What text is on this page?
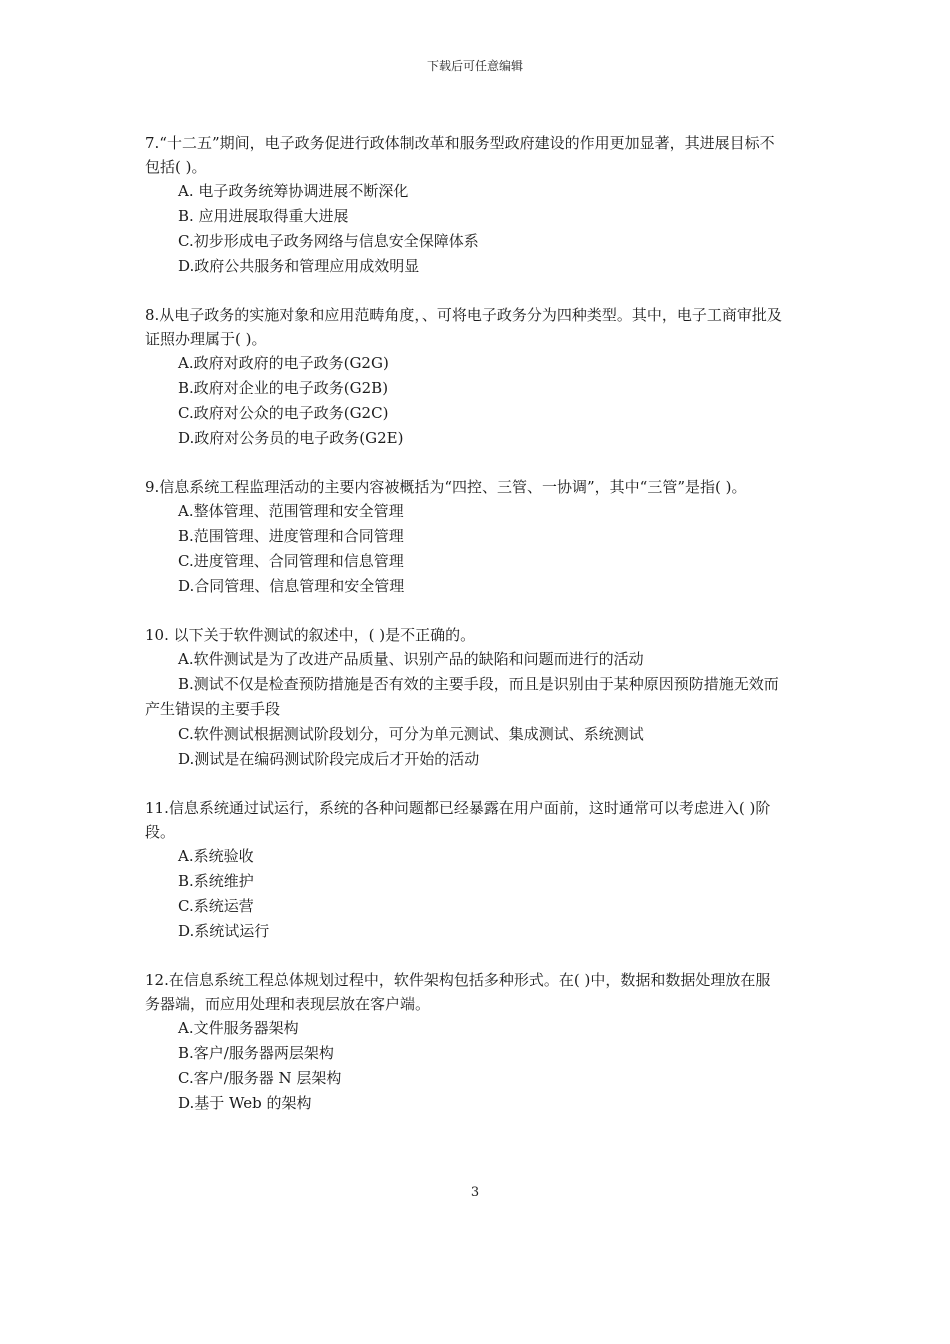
下载后可任意编辑
7.“十二五”期间，电子政务促进行政体制改革和服务型政府建设的作用更加显著，其进展目标不包括( )。
A. 电子政务统筹协调进展不断深化
B. 应用进展取得重大进展
C.初步形成电子政务网络与信息安全保障体系
D.政府公共服务和管理应用成效明显
8.从电子政务的实施对象和应用范畴角度，、可将电子政务分为四种类型。其中，电子工商审批及证照办理属于( )。
A.政府对政府的电子政务(G2G)
B.政府对企业的电子政务(G2B)
C.政府对公众的电子政务(G2C)
D.政府对公务员的电子政务(G2E)
9.信息系统工程监理活动的主要内容被概括为“四控、三管、一协调”，其中“三管”是指( )。
A.整体管理、范围管理和安全管理
B.范围管理、进度管理和合同管理
C.进度管理、合同管理和信息管理
D.合同管理、信息管理和安全管理
10. 以下关于软件测试的叙述中，( )是不正确的。
A.软件测试是为了改进产品质量、识别产品的缺陷和问题而进行的活动
B.测试不仅是检查预防措施是否有效的主要手段，而且是识别由于某种原因预防措施无效而产生错误的主要手段
C.软件测试根据测试阶段划分，可分为单元测试、集成测试、系统测试
D.测试是在编码测试阶段完成后才开始的活动
11.信息系统通过试运行，系统的各种问题都已经暴露在用户面前，这时通常可以考虑进入( )阶段。
A.系统验收
B.系统维护
C.系统运营
D.系统试运行
12.在信息系统工程总体规划过程中，软件架构包括多种形式。在( )中，数据和数据处理放在服务器端，而应用处理和表现层放在客户端。
A.文件服务器架构
B.客户/服务器两层架构
C.客户/服务器 N 层架构
D.基于 Web 的架构
3
